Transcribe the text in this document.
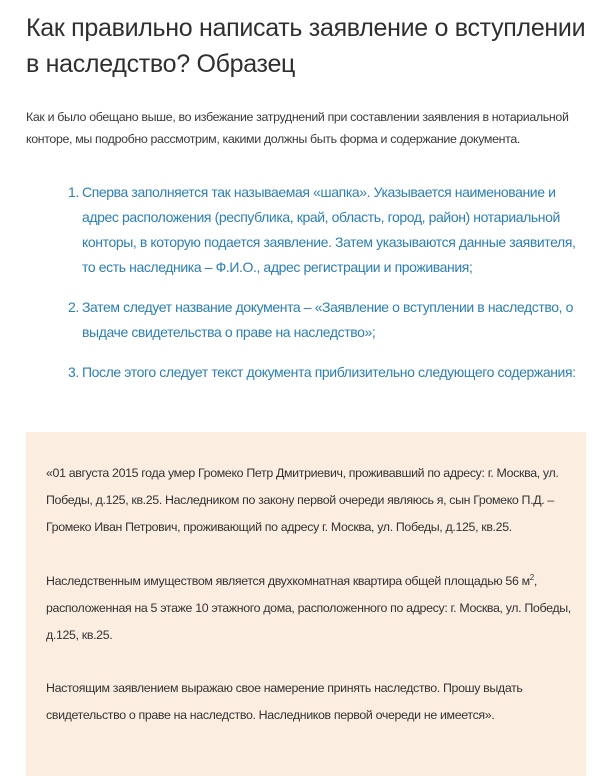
Как правильно написать заявление о вступлении в наследство? Образец

Как и было обещано выше, во избежание затруднений при составлении заявления в нотариальной конторе, мы подробно рассмотрим, какими должны быть форма и содержание документа.

1. Сперва заполняется так называемая «шапка». Указывается наименование и адрес расположения (республика, край, область, город, район) нотариальной конторы, в которую подается заявление. Затем указываются данные заявителя, то есть наследника – Ф.И.О., адрес регистрации и проживания;
2. Затем следует название документа – «Заявление о вступлении в наследство, о выдаче свидетельства о праве на наследство»;
3. После этого следует текст документа приблизительно следующего содержания:

«01 августа 2015 года умер Громеко Петр Дмитриевич, проживавший по адресу: г. Москва, ул. Победы, д.125, кв.25. Наследником по закону первой очереди являюсь я, сын Громеко П.Д. – Громеко Иван Петрович, проживающий по адресу г. Москва, ул. Победы, д.125, кв.25.

Наследственным имуществом является двухкомнатная квартира общей площадью 56 $м^2$, расположенная на 5 этаже 10 этажного дома, расположенного по адресу: г. Москва, ул. Победы, д.125, кв.25.

Настоящим заявлением выражаю свое намерение принять наследство. Прошу выдать свидетельство о праве на наследство. Наследников первой очереди не имеется».
